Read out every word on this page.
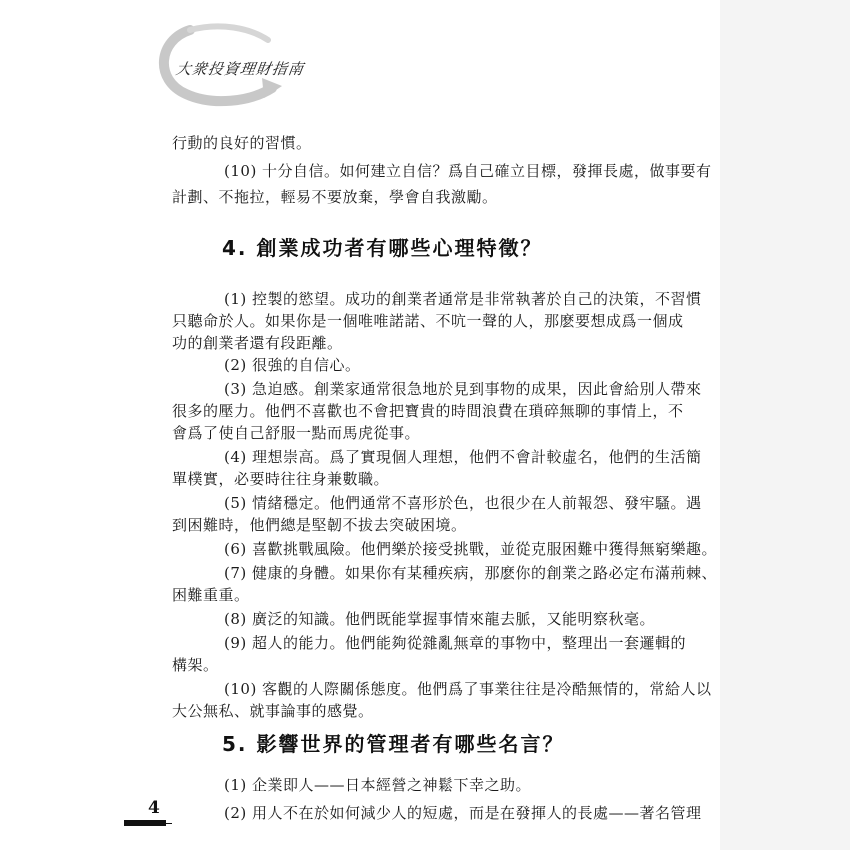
大衆投資理財指南
行動的良好的習慣。
(10) 十分自信。如何建立自信？爲自己確立目標，發揮長處，做事要有
計劃、不拖拉，輕易不要放棄，學會自我激勵。
4. 創業成功者有哪些心理特徵？
(1) 控製的慾望。成功的創業者通常是非常執著於自己的決策，不習慣
只聽命於人。如果你是一個唯唯諾諾、不吭一聲的人，那麽要想成爲一個成
功的創業者還有段距離。
(2) 很強的自信心。
(3) 急迫感。創業家通常很急地於見到事物的成果，因此會給別人帶來
很多的壓力。他們不喜歡也不會把寶貴的時間浪費在瑣碎無聊的事情上，不
會爲了使自己舒服一點而馬虎從事。
(4) 理想崇高。爲了實現個人理想，他們不會計較虛名，他們的生活簡
單樸實，必要時往往身兼數職。
(5) 情緒穩定。他們通常不喜形於色，也很少在人前報怨、發牢騷。遇
到困難時，他們總是堅韌不拔去突破困境。
(6) 喜歡挑戰風險。他們樂於接受挑戰，並從克服困難中獲得無窮樂趣。
(7) 健康的身體。如果你有某種疾病，那麽你的創業之路必定布滿荊棘、
困難重重。
(8) 廣泛的知識。他們既能掌握事情來龍去脈，又能明察秋毫。
(9) 超人的能力。他們能夠從雜亂無章的事物中，整理出一套邏輯的
構架。
(10) 客觀的人際關係態度。他們爲了事業往往是冷酷無情的，常給人以
大公無私、就事論事的感覺。
5. 影響世界的管理者有哪些名言？
(1) 企業即人——日本經營之神鬆下幸之助。
(2) 用人不在於如何減少人的短處，而是在發揮人的長處——著名管理
4
